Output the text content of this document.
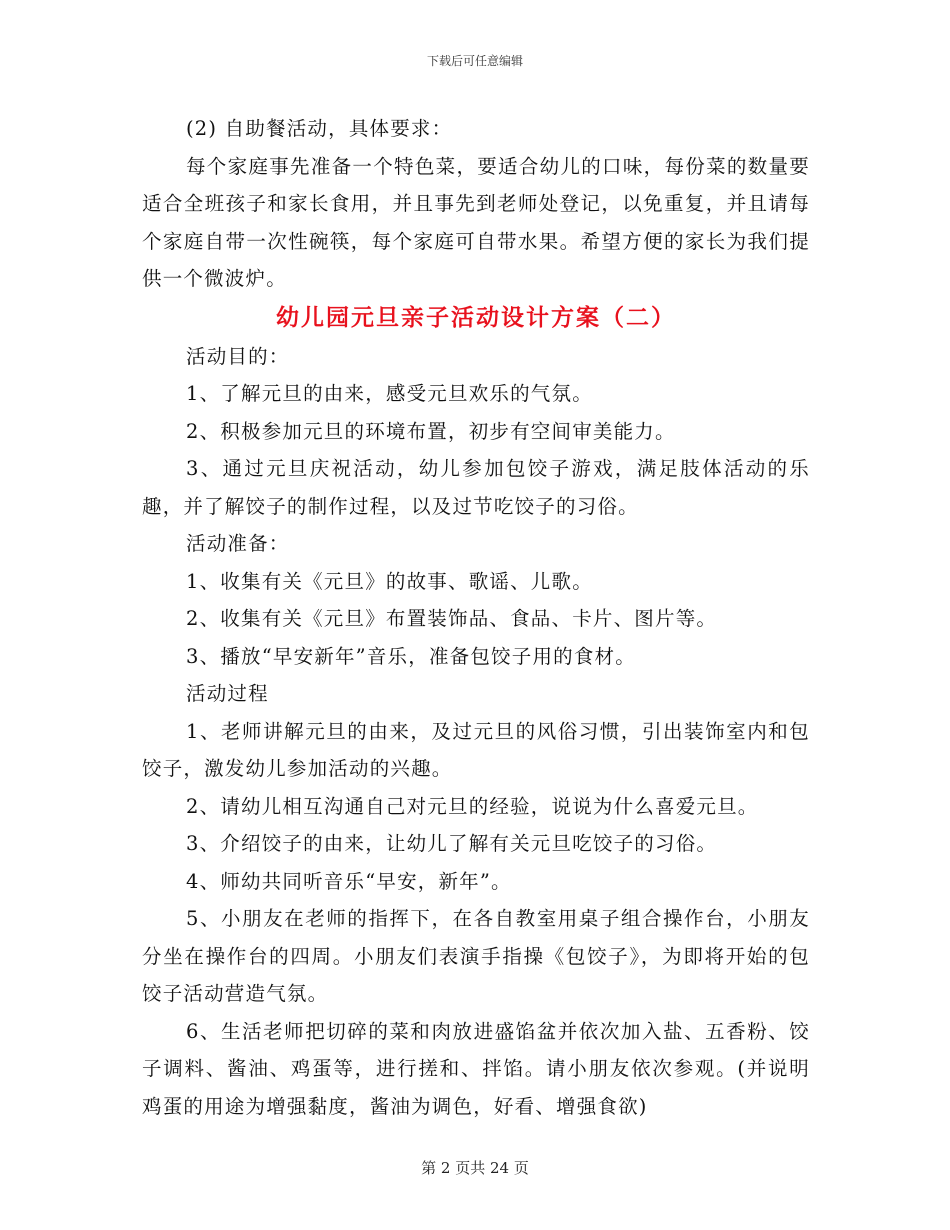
下载后可任意编辑

(2) 自助餐活动，具体要求：

每个家庭事先准备一个特色菜，要适合幼儿的口味，每份菜的数量要适合全班孩子和家长食用，并且事先到老师处登记，以免重复，并且请每个家庭自带一次性碗筷，每个家庭可自带水果。希望方便的家长为我们提供一个微波炉。

幼儿园元旦亲子活动设计方案（二）

活动目的：

1、了解元旦的由来，感受元旦欢乐的气氛。

2、积极参加元旦的环境布置，初步有空间审美能力。

3、通过元旦庆祝活动，幼儿参加包饺子游戏，满足肢体活动的乐趣，并了解饺子的制作过程，以及过节吃饺子的习俗。

活动准备：

1、收集有关《元旦》的故事、歌谣、儿歌。

2、收集有关《元旦》布置装饰品、食品、卡片、图片等。

3、播放“早安新年”音乐，准备包饺子用的食材。

活动过程

1、老师讲解元旦的由来，及过元旦的风俗习惯，引出装饰室内和包饺子，激发幼儿参加活动的兴趣。

2、请幼儿相互沟通自己对元旦的经验，说说为什么喜爱元旦。

3、介绍饺子的由来，让幼儿了解有关元旦吃饺子的习俗。

4、师幼共同听音乐“早安，新年”。

5、小朋友在老师的指挥下，在各自教室用桌子组合操作台，小朋友分坐在操作台的四周。小朋友们表演手指操《包饺子》，为即将开始的包饺子活动营造气氛。

6、生活老师把切碎的菜和肉放进盛馅盆并依次加入盐、五香粉、饺子调料、酱油、鸡蛋等，进行搓和、拌馅。请小朋友依次参观。(并说明鸡蛋的用途为增强黏度，酱油为调色，好看、增强食欲)

第 2 页共 24 页
